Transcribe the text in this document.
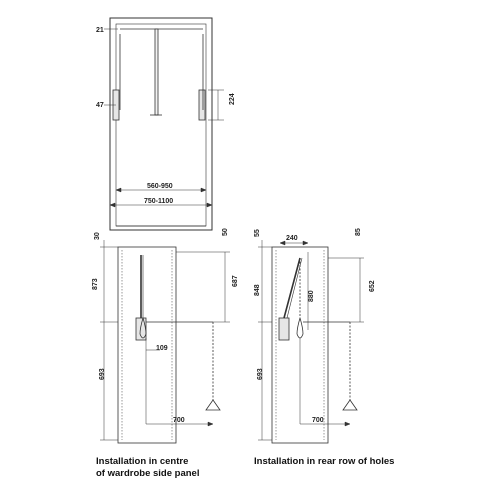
21
47
224
560-950
750-1100
30
873
693
109
50
687
700
55
240
848
880
693
85
652
700
Installation in centre
of wardrobe side panel
Installation in rear row of holes
